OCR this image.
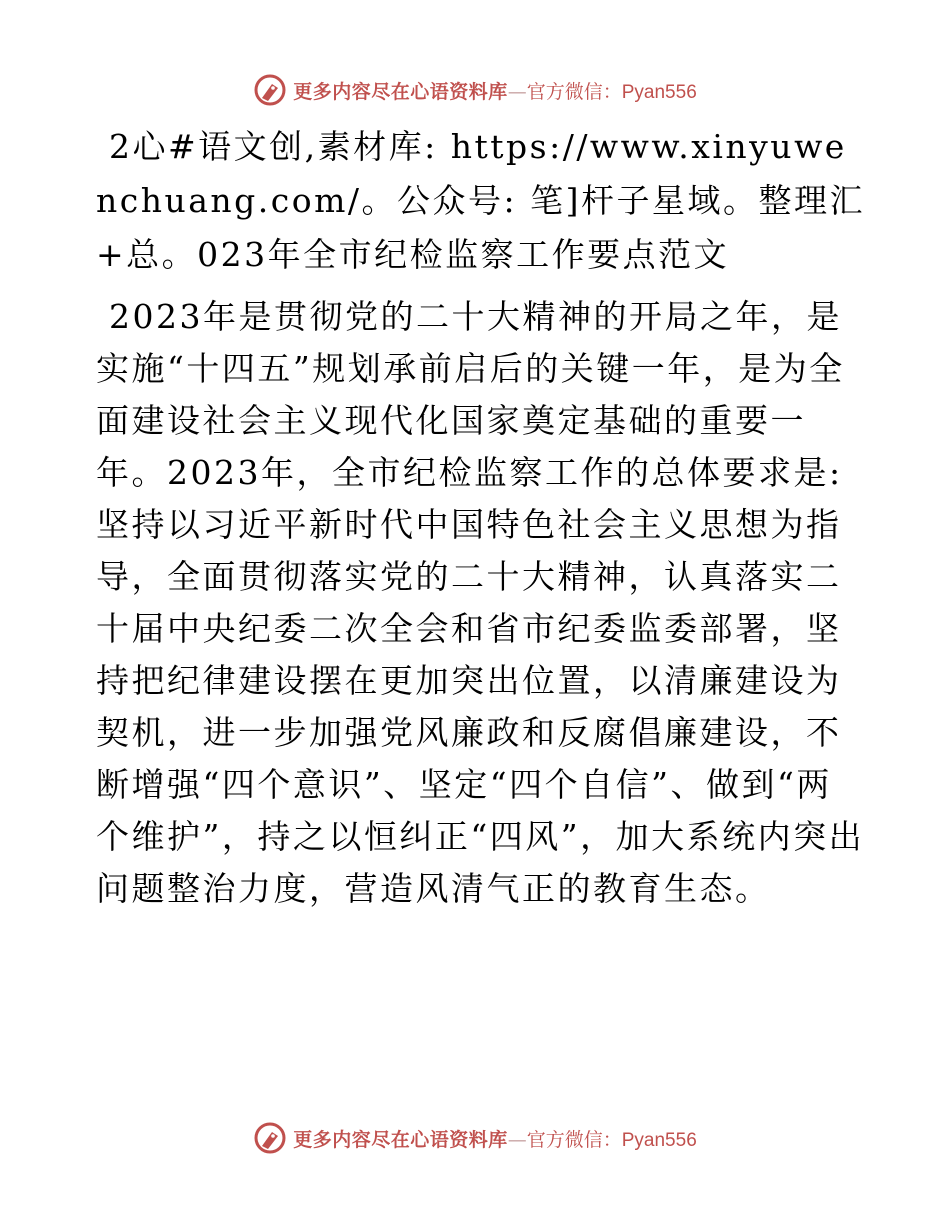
更多内容尽在心语资料库 — 官方微信： Pyan556

2心#语文创,素材库: https://www.xinyuwenchuang.com/。公众号: 笔]杆子星域。整理汇+总。023年全市纪检监察工作要点范文

2023年是贯彻党的二十大精神的开局之年，是实施“十四五”规划承前启后的关键一年，是为全面建设社会主义现代化国家奠定基础的重要一年。2023年，全市纪检监察工作的总体要求是: 坚持以习近平新时代中国特色社会主义思想为指导，全面贯彻落实党的二十大精神，认真落实二十届中央纪委二次全会和省市纪委监委部署，坚持把纪律建设摆在更加突出位置，以清廉建设为契机，进一步加强党风廉政和反腐倡廉建设，不断增强“四个意识”、坚定“四个自信”、做到“两个维护”，持之以恒纠正“四风”，加大系统内突出问题整治力度，营造风清气正的教育生态。

更多内容尽在心语资料库 — 官方微信： Pyan556
